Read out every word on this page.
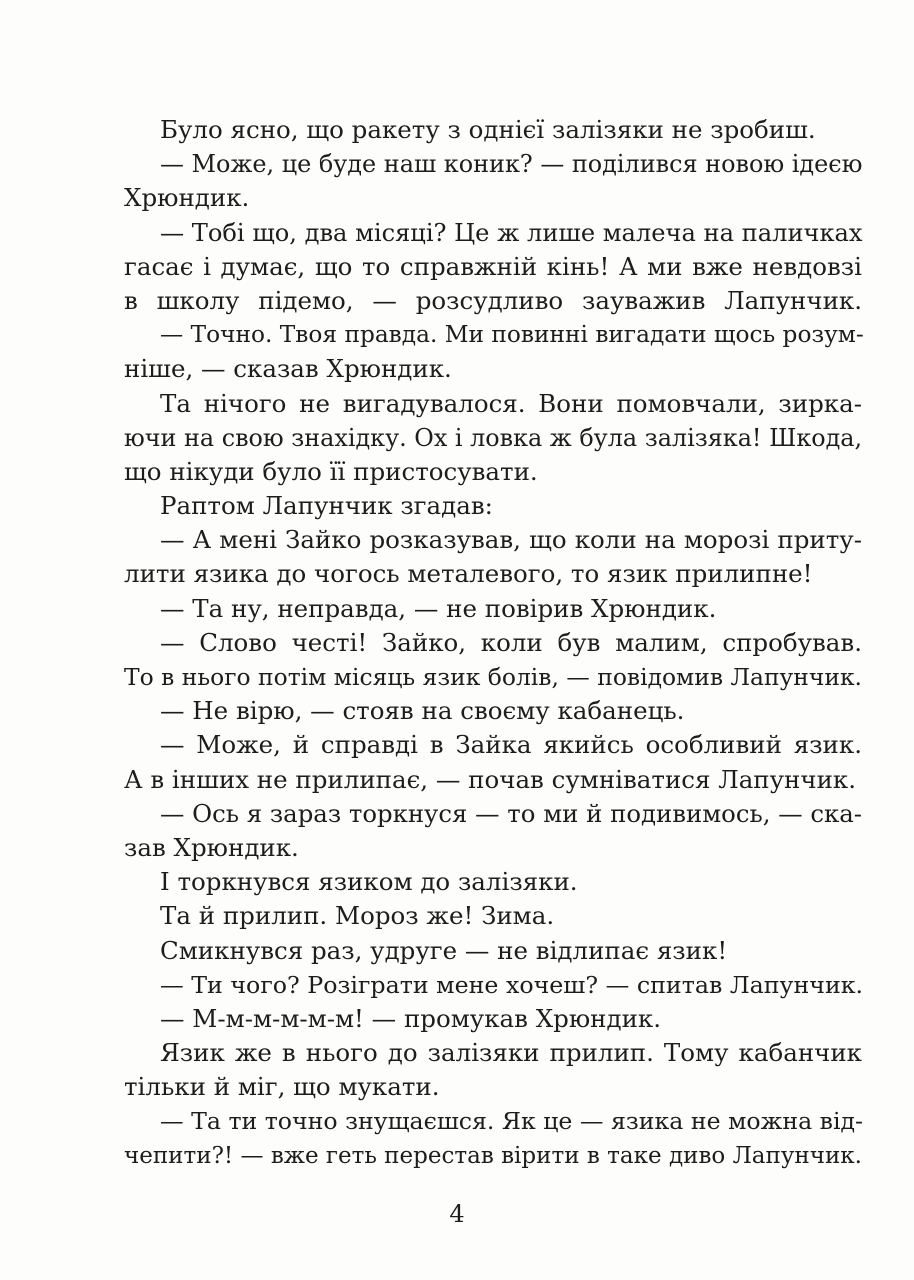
Було ясно, що ракету з однієї залізяки не зробиш.
— Може, це буде наш коник? — поділився новою ідеєю
Хрюндик.
— Тобі що, два місяці? Це ж лише малеча на паличках
гасає і думає, що то справжній кінь! А ми вже невдовзі
в школу підемо, — розсудливо зауважив Лапунчик.
— Точно. Твоя правда. Ми повинні вигадати щось розум-
ніше, — сказав Хрюндик.
Та нічого не вигадувалося. Вони помовчали, зирка-
ючи на свою знахідку. Ох і ловка ж була залізяка! Шкода,
що нікуди було її пристосувати.
Раптом Лапунчик згадав:
— А мені Зайко розказував, що коли на морозі приту-
лити язика до чогось металевого, то язик прилипне!
— Та ну, неправда, — не повірив Хрюндик.
— Слово честі! Зайко, коли був малим, спробував.
То в нього потім місяць язик болів, — повідомив Лапунчик.
— Не вірю, — стояв на своєму кабанець.
— Може, й справді в Зайка якийсь особливий язик.
А в інших не прилипає, — почав сумніватися Лапунчик.
— Ось я зараз торкнуся — то ми й подивимось, — ска-
зав Хрюндик.
І торкнувся язиком до залізяки.
Та й прилип. Мороз же! Зима.
Смикнувся раз, удруге — не відлипає язик!
— Ти чого? Розіграти мене хочеш? — спитав Лапунчик.
— М-м-м-м-м-м! — промукав Хрюндик.
Язик же в нього до залізяки прилип. Тому кабанчик
тільки й міг, що мукати.
— Та ти точно знущаєшся. Як це — язика не можна від-
чепити?! — вже геть перестав вірити в таке диво Лапунчик.
4
